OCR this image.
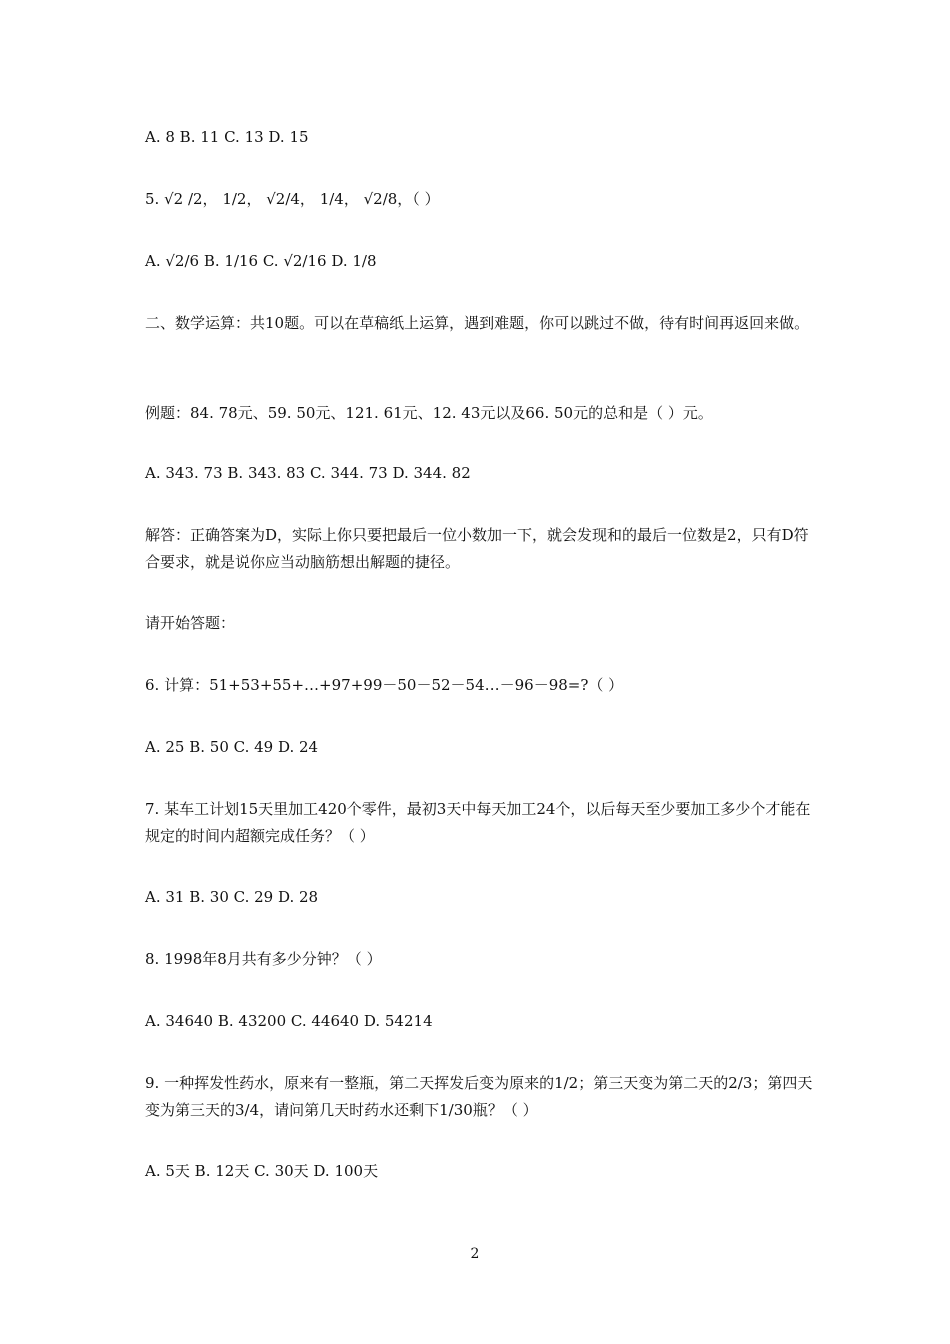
A. 8 B. 11 C. 13 D. 15
5. √2 /2， 1/2， √2/4， 1/4， √2/8，（ ）
A. √2/6 B. 1/16 C. √2/16 D. 1/8
二、数学运算：共10题。可以在草稿纸上运算，遇到难题，你可以跳过不做，待有时间再返回来做。
例题：84. 78元、59. 50元、121. 61元、12. 43元以及66. 50元的总和是（ ）元。
A. 343. 73 B. 343. 83 C. 344. 73 D. 344. 82
解答：正确答案为D，实际上你只要把最后一位小数加一下，就会发现和的最后一位数是2，只有D符合要求，就是说你应当动脑筋想出解题的捷径。
请开始答题：
6. 计算：51+53+55+…+97+99－50－52－54…－96－98=?（ ）
A. 25 B. 50 C. 49 D. 24
7. 某车工计划15天里加工420个零件，最初3天中每天加工24个，以后每天至少要加工多少个才能在规定的时间内超额完成任务？（ ）
A. 31 B. 30 C. 29 D. 28
8. 1998年8月共有多少分钟？（ ）
A. 34640 B. 43200 C. 44640 D. 54214
9. 一种挥发性药水，原来有一整瓶，第二天挥发后变为原来的1/2；第三天变为第二天的2/3；第四天变为第三天的3/4，请问第几天时药水还剩下1/30瓶？（ ）
A. 5天 B. 12天 C. 30天 D. 100天
2
